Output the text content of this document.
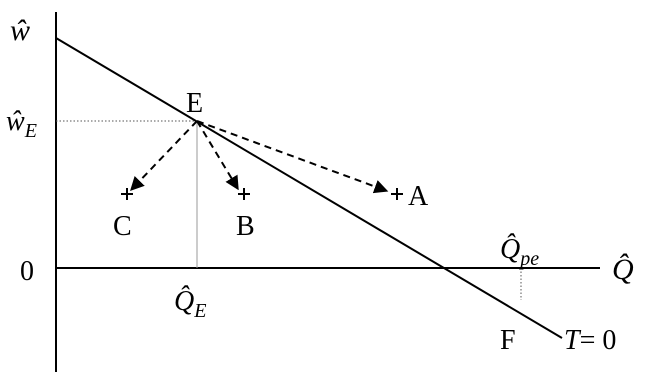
ŵ
Q̂
0
E
$ŵ_E$
$Q̂_E$
A
B
C
$Q̂_{pe}$
F T= 0
